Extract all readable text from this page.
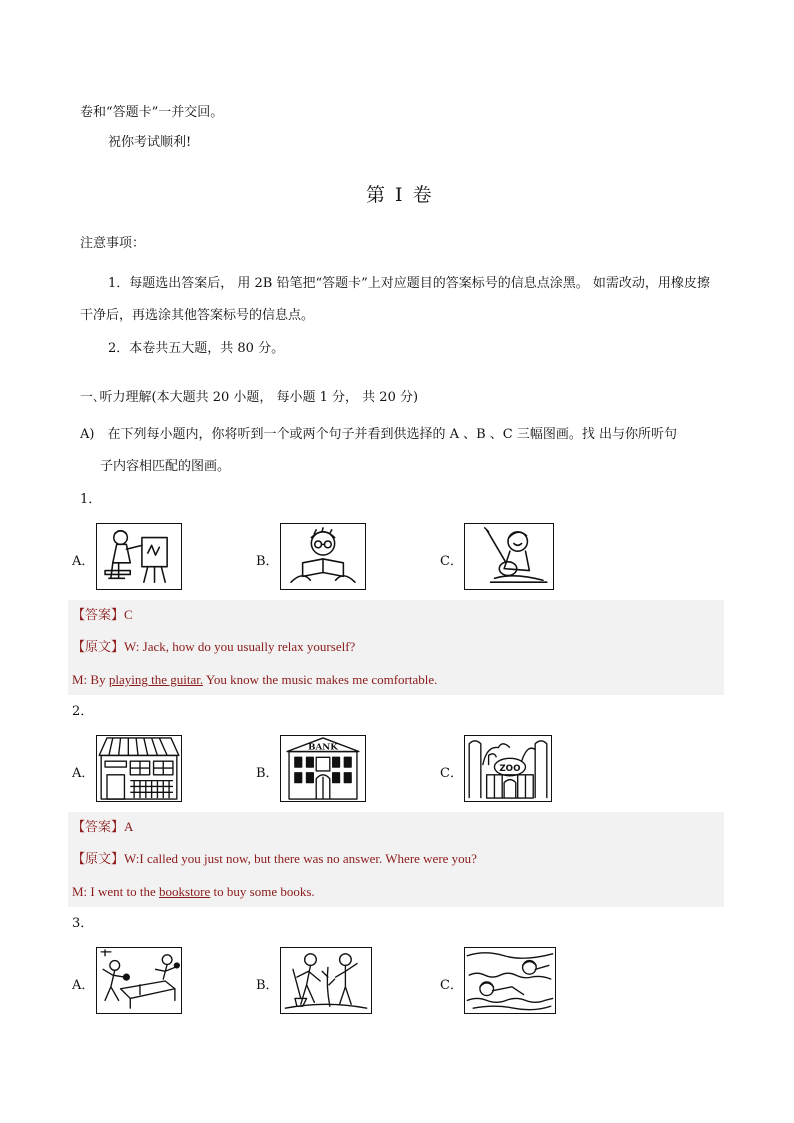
卷和“答题卡”一并交回。
祝你考试顺利!
第 I 卷
注意事项：
1．每题选出答案后， 用 2B 铅笔把“答题卡”上对应题目的答案标号的信息点涂黑。 如需改动，用橡皮擦
干净后，再选涂其他答案标号的信息点。
2．本卷共五大题，共 80 分。
一､听力理解(本大题共 20 小题， 每小题 1 分， 共 20 分)
A)　在下列每小题内，你将听到一个或两个句子并看到供选择的 A 、B 、C 三幅图画。找 出与你所听句
子内容相匹配的图画。
1．
A．	B．	C．
【答案】C
【原文】W: Jack, how do you usually relax yourself?
M: By playing the guitar. You know the music makes me comfortable.
2．
A．	B．
BANK
C．	ZOO
【答案】A
【原文】W:I called you just now, but there was no answer. Where were you?
M: I went to the bookstore to buy some books.
3．
A．	B．	C．
